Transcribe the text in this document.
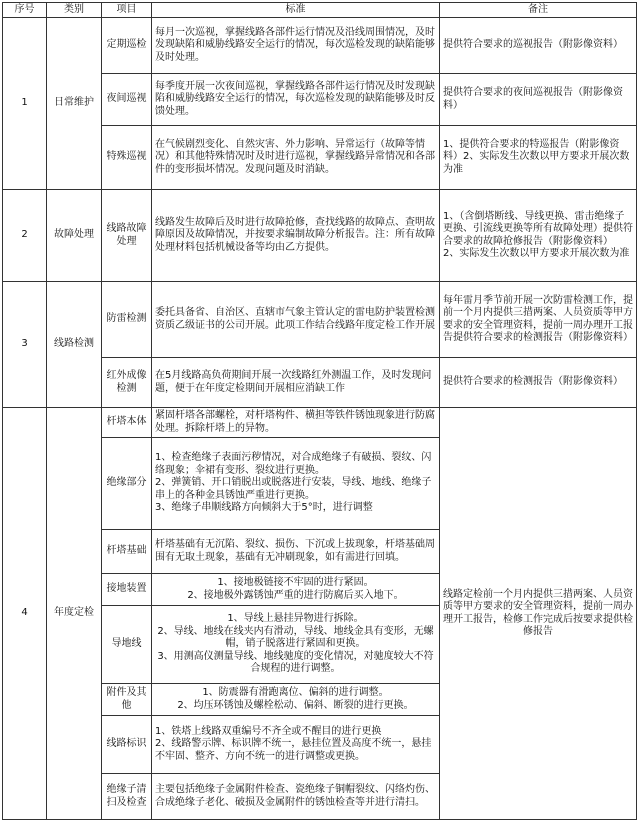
序号	类别	项目	标准	备注
1	日常维护	定期巡检	每月一次巡视，掌握线路各部件运行情况及沿线周围情况，及时发现缺陷和威胁线路安全运行的情况，每次巡检发现的缺陷能够及时处理。	提供符合要求的巡视报告（附影像资料）
		夜间巡视	每季度开展一次夜间巡视，掌握线路各部件运行情况及时发现缺陷和威胁线路安全运行的情况，每次巡检发现的缺陷能够及时反馈处理。	提供符合要求的夜间巡视报告（附影像资料）
		特殊巡视	在气候剧烈变化、自然灾害、外力影响、异常运行（故障等情况）和其他特殊情况时及时进行巡视，掌握线路异常情况和各部件的变形损坏情况。发现问题及时消缺。	1、提供符合要求的特巡报告（附影像资料）2、实际发生次数以甲方要求开展次数为准
2	故障处理	线路故障处理	线路发生故障后及时进行故障抢修，查找线路的故障点、查明故障原因及故障情况，并按要求编制故障分析报告。注：所有故障处理材料包括机械设备等均由乙方提供。	1、（含倒塔断线、导线更换、雷击绝缘子更换、引流线更换等所有故障处理）提供符合要求的故障抢修报告（附影像资料）
2、实际发生次数以甲方要求开展次数为准
3	线路检测	防雷检测	委托具备省、自治区、直辖市气象主管认定的雷电防护装置检测资质乙级证书的公司开展。此项工作结合线路年度定检工作开展	每年雷月季节前开展一次防雷检测工作，提前一个月内提供三措两案、人员资质等甲方要求的安全管理资料，提前一周办理开工报告提供符合要求的检测报告（附影像资料）
		红外成像检测	在5月线路高负荷期间开展一次线路红外测温工作，及时发现问题，便于在年度定检期间开展相应消缺工作	提供符合要求的检测报告（附影像资料）
4	年度定检	杆塔本体	紧固杆塔各部螺栓，对杆塔构件、横担等铁件锈蚀现象进行防腐处理。拆除杆塔上的异物。	线路定检前一个月内提供三措两案、人员资质等甲方要求的安全管理资料，提前一周办理开工报告，检修工作完成后按要求提供检修报告
		绝缘部分	1、检查绝缘子表面污秽情况，对合成绝缘子有破损、裂纹、闪络现象；伞裙有变形、裂纹进行更换。
2、弹簧销、开口销脱出或脱落进行安装，导线、地线、绝缘子串上的各种金具锈蚀严重进行更换。
3、绝缘子串顺线路方向倾斜大于5°时，进行调整	
		杆塔基础	杆塔基础有无沉陷、裂纹、损伤、下沉或上拔现象，杆塔基础周围有无取土现象，基础有无冲刷现象，如有需进行回填。	
		接地装置	1、接地极链接不牢固的进行紧固。
2、接地极外露锈蚀严重的进行防腐后买入地下。	
		导地线	1、导线上悬挂异物进行拆除。
2、导线、地线在线夹内有滑动，导线、地线金具有变形，无螺帽，销子脱落进行紧固和更换。
3、用测高仪测量导线、地线驰度的变化情况，对驰度较大不符合规程的进行调整。	
		附件及其他	1、防震器有滑跑离位、偏斜的进行调整。
2、均压环锈蚀及螺栓松动、偏斜、断裂的进行更换。	
		线路标识	1、铁塔上线路双重编号不齐全或不醒目的进行更换
2、线路警示牌、标识牌不统一，悬挂位置及高度不统一，悬挂不牢固、整齐、方向不统一的进行调整或更换。	
		绝缘子清扫及检查	主要包括绝缘子金属附件检查、瓷绝缘子铜帽裂纹、闪络灼伤、合成绝缘子老化、破损及金属附件的锈蚀检查等并进行清扫。	
